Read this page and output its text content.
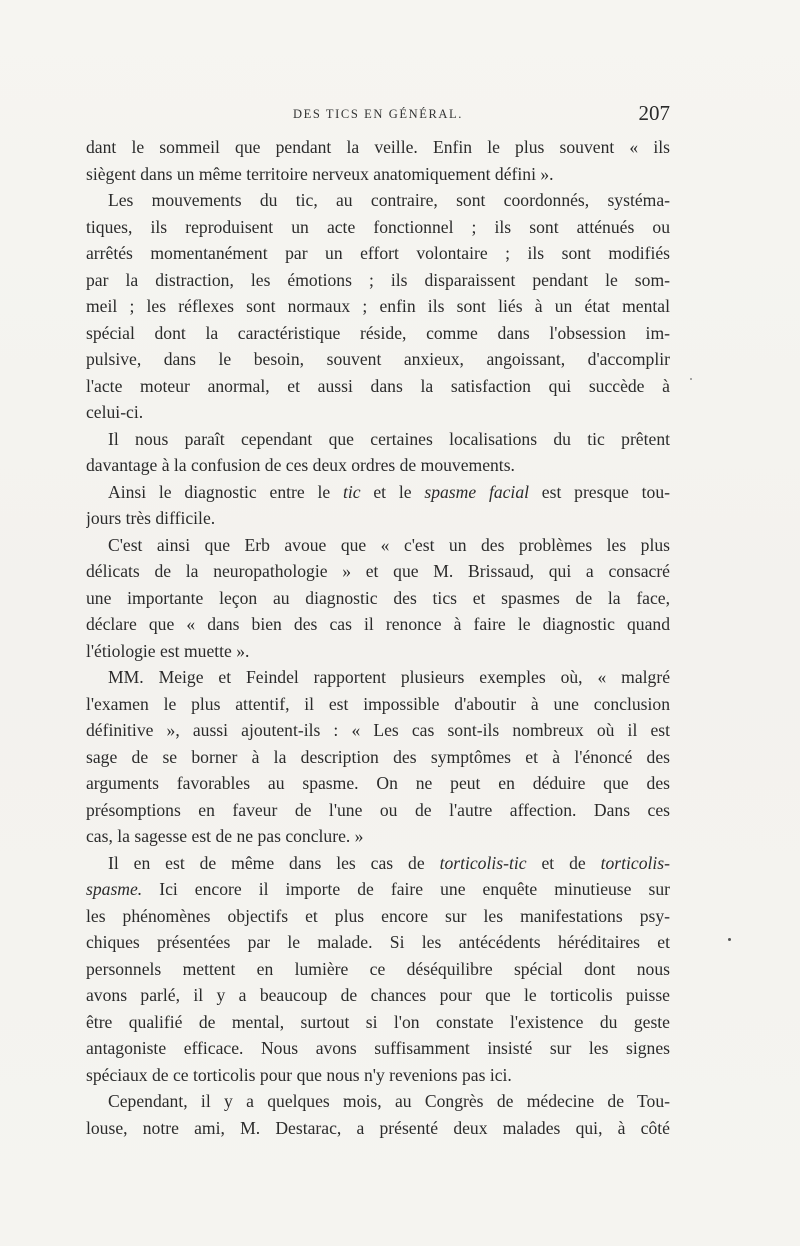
DES TICS EN GÉNÉRAL.	207
dant le sommeil que pendant la veille. Enfin le plus souvent « ils
siègent dans un même territoire nerveux anatomiquement défini ».
Les mouvements du tic, au contraire, sont coordonnés, systéma-
tiques, ils reproduisent un acte fonctionnel ; ils sont atténués ou
arrêtés momentanément par un effort volontaire ; ils sont modifiés
par la distraction, les émotions ; ils disparaissent pendant le som-
meil ; les réflexes sont normaux ; enfin ils sont liés à un état mental
spécial dont la caractéristique réside, comme dans l'obsession im-
pulsive, dans le besoin, souvent anxieux, angoissant, d'accomplir
l'acte moteur anormal, et aussi dans la satisfaction qui succède à
celui-ci.
Il nous paraît cependant que certaines localisations du tic prêtent
davantage à la confusion de ces deux ordres de mouvements.
Ainsi le diagnostic entre le tic et le spasme facial est presque tou-
jours très difficile.
C'est ainsi que Erb avoue que « c'est un des problèmes les plus
délicats de la neuropathologie » et que M. Brissaud, qui a consacré
une importante leçon au diagnostic des tics et spasmes de la face,
déclare que « dans bien des cas il renonce à faire le diagnostic quand
l'étiologie est muette ».
MM. Meige et Feindel rapportent plusieurs exemples où, « malgré
l'examen le plus attentif, il est impossible d'aboutir à une conclusion
définitive », aussi ajoutent-ils : « Les cas sont-ils nombreux où il est
sage de se borner à la description des symptômes et à l'énoncé des
arguments favorables au spasme. On ne peut en déduire que des
présomptions en faveur de l'une ou de l'autre affection. Dans ces
cas, la sagesse est de ne pas conclure. »
Il en est de même dans les cas de torticolis-tic et de torticolis-
spasme. Ici encore il importe de faire une enquête minutieuse sur
les phénomènes objectifs et plus encore sur les manifestations psy-
chiques présentées par le malade. Si les antécédents héréditaires et
personnels mettent en lumière ce déséquilibre spécial dont nous
avons parlé, il y a beaucoup de chances pour que le torticolis puisse
être qualifié de mental, surtout si l'on constate l'existence du geste
antagoniste efficace. Nous avons suffisamment insisté sur les signes
spéciaux de ce torticolis pour que nous n'y revenions pas ici.
Cependant, il y a quelques mois, au Congrès de médecine de Tou-
louse, notre ami, M. Destarac, a présenté deux malades qui, à côté
